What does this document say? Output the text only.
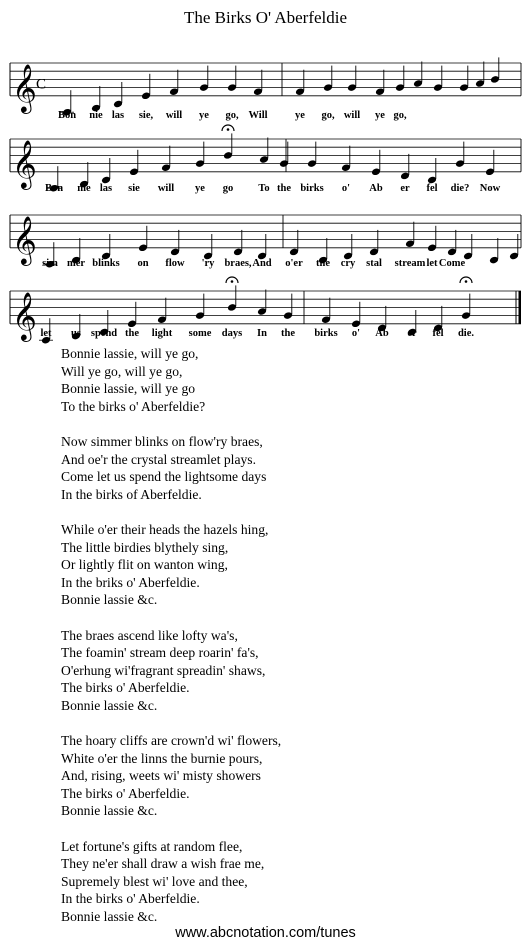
The Birks O' Aberfeldie
𝄞 C
Bon nie las sie, will ye go, Will	ye go, will ye go,
𝄞
Bon nie las sie will ye go To the birks o' Ab er fel die? Now
𝄞 sim mer blinks on flow 'ry braes, And o'er the cry stal stream let Come
𝄞 let us spend the light some days In the birks o' Ab er fel die.
Bonnie lassie, will ye go,
Will ye go, will ye go,
Bonnie lassie, will ye go
To the birks o' Aberfeldie?
Now simmer blinks on flow'ry braes,
And oe'r the crystal streamlet plays.
Come let us spend the lightsome days
In the birks of Aberfeldie.
While o'er their heads the hazels hing,
The little birdies blythely sing,
Or lightly flit on wanton wing,
In the briks o' Aberfeldie.
Bonnie lassie &c.
The braes ascend like lofty wa's,
The foamin' stream deep roarin' fa's,
O'erhung wi'fragrant spreadin' shaws,
The birks o' Aberfeldie.
Bonnie lassie &c.
The hoary cliffs are crown'd wi' flowers,
White o'er the linns the burnie pours,
And, rising, weets wi' misty showers
The birks o' Aberfeldie.
Bonnie lassie &c.
Let fortune's gifts at random flee,
They ne'er shall draw a wish frae me,
Supremely blest wi' love and thee,
In the birks o' Aberfeldie.
Bonnie lassie &c.
www.abcnotation.com/tunes
